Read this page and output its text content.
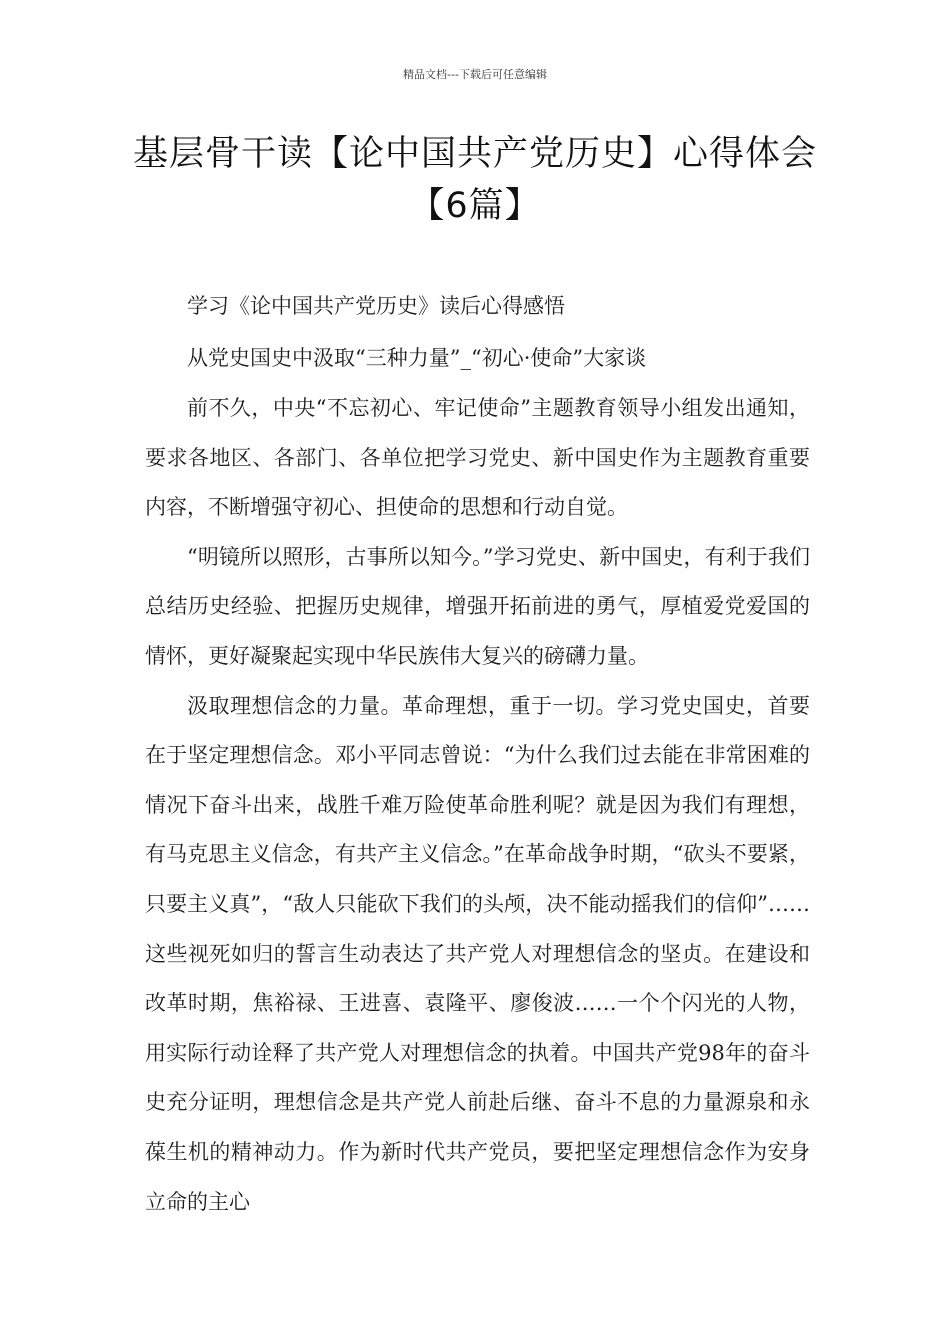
精品文档---下载后可任意编辑
基层骨干读【论中国共产党历史】心得体会【6篇】

学习《论中国共产党历史》读后心得感悟

从党史国史中汲取“三种力量”_“初心·使命”大家谈

前不久，中央“不忘初心、牢记使命”主题教育领导小组发出通知，要求各地区、各部门、各单位把学习党史、新中国史作为主题教育重要内容，不断增强守初心、担使命的思想和行动自觉。

“明镜所以照形，古事所以知今。”学习党史、新中国史，有利于我们总结历史经验、把握历史规律，增强开拓前进的勇气，厚植爱党爱国的情怀，更好凝聚起实现中华民族伟大复兴的磅礴力量。

汲取理想信念的力量。革命理想，重于一切。学习党史国史，首要在于坚定理想信念。邓小平同志曾说：“为什么我们过去能在非常困难的情况下奋斗出来，战胜千难万险使革命胜利呢？就是因为我们有理想，有马克思主义信念，有共产主义信念。”在革命战争时期，“砍头不要紧，只要主义真”，“敌人只能砍下我们的头颅，决不能动摇我们的信仰”……这些视死如归的誓言生动表达了共产党人对理想信念的坚贞。在建设和改革时期，焦裕禄、王进喜、袁隆平、廖俊波……一个个闪光的人物，用实际行动诠释了共产党人对理想信念的执着。中国共产党98年的奋斗史充分证明，理想信念是共产党人前赴后继、奋斗不息的力量源泉和永葆生机的精神动力。作为新时代共产党员，要把坚定理想信念作为安身立命的主心
